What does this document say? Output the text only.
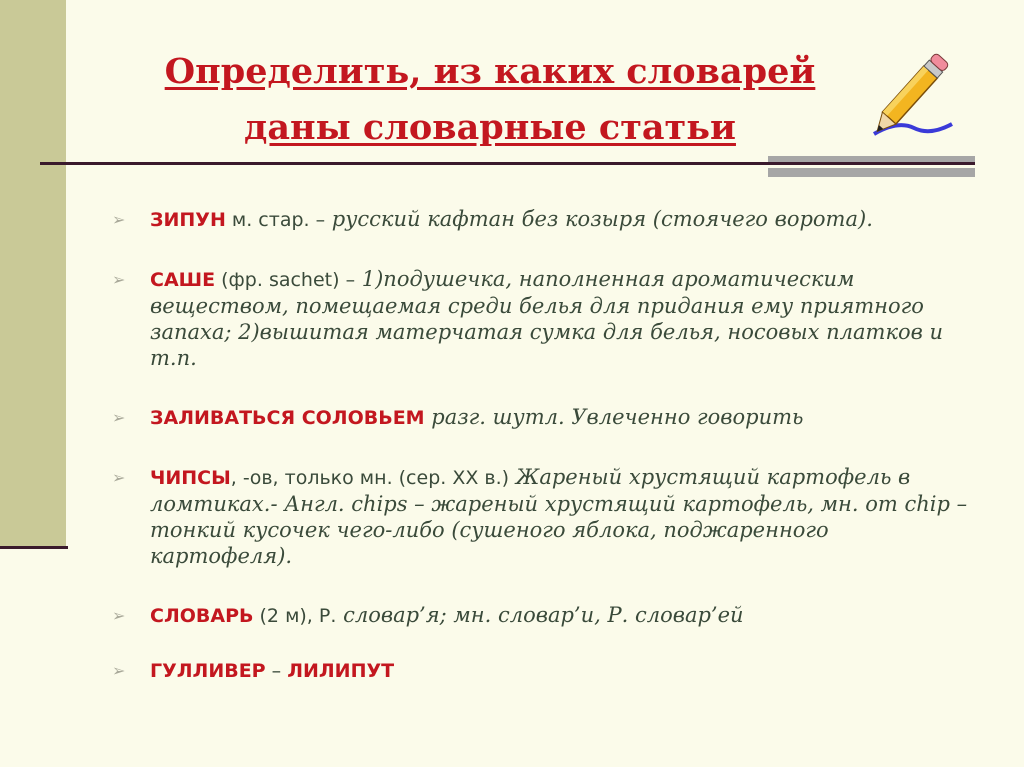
Определить, из каких словарей
даны словарные статьи
➢ ЗИПУН м. стар. – русский кафтан без козыря (стоячего ворота).
➢ САШЕ (фр. sachet) – 1)подушечка, наполненная ароматическим веществом, помещаемая среди белья для придания ему приятного запаха; 2)вышитая матерчатая сумка для белья, носовых платков и т.п.
➢ ЗАЛИВАТЬСЯ СОЛОВЬЕМ разг. шутл. Увлеченно говорить
➢ ЧИПСЫ, -ов, только мн. (сер. XX в.) Жареный хрустящий картофель в ломтиках.- Англ. chips – жареный хрустящий картофель, мн. от chip – тонкий кусочек чего-либо (сушеного яблока, поджаренного картофеля).
➢ СЛОВАРЬ (2 м), Р. словар’я; мн. словар’и, Р. словар’ей
➢ ГУЛЛИВЕР – ЛИЛИПУТ
